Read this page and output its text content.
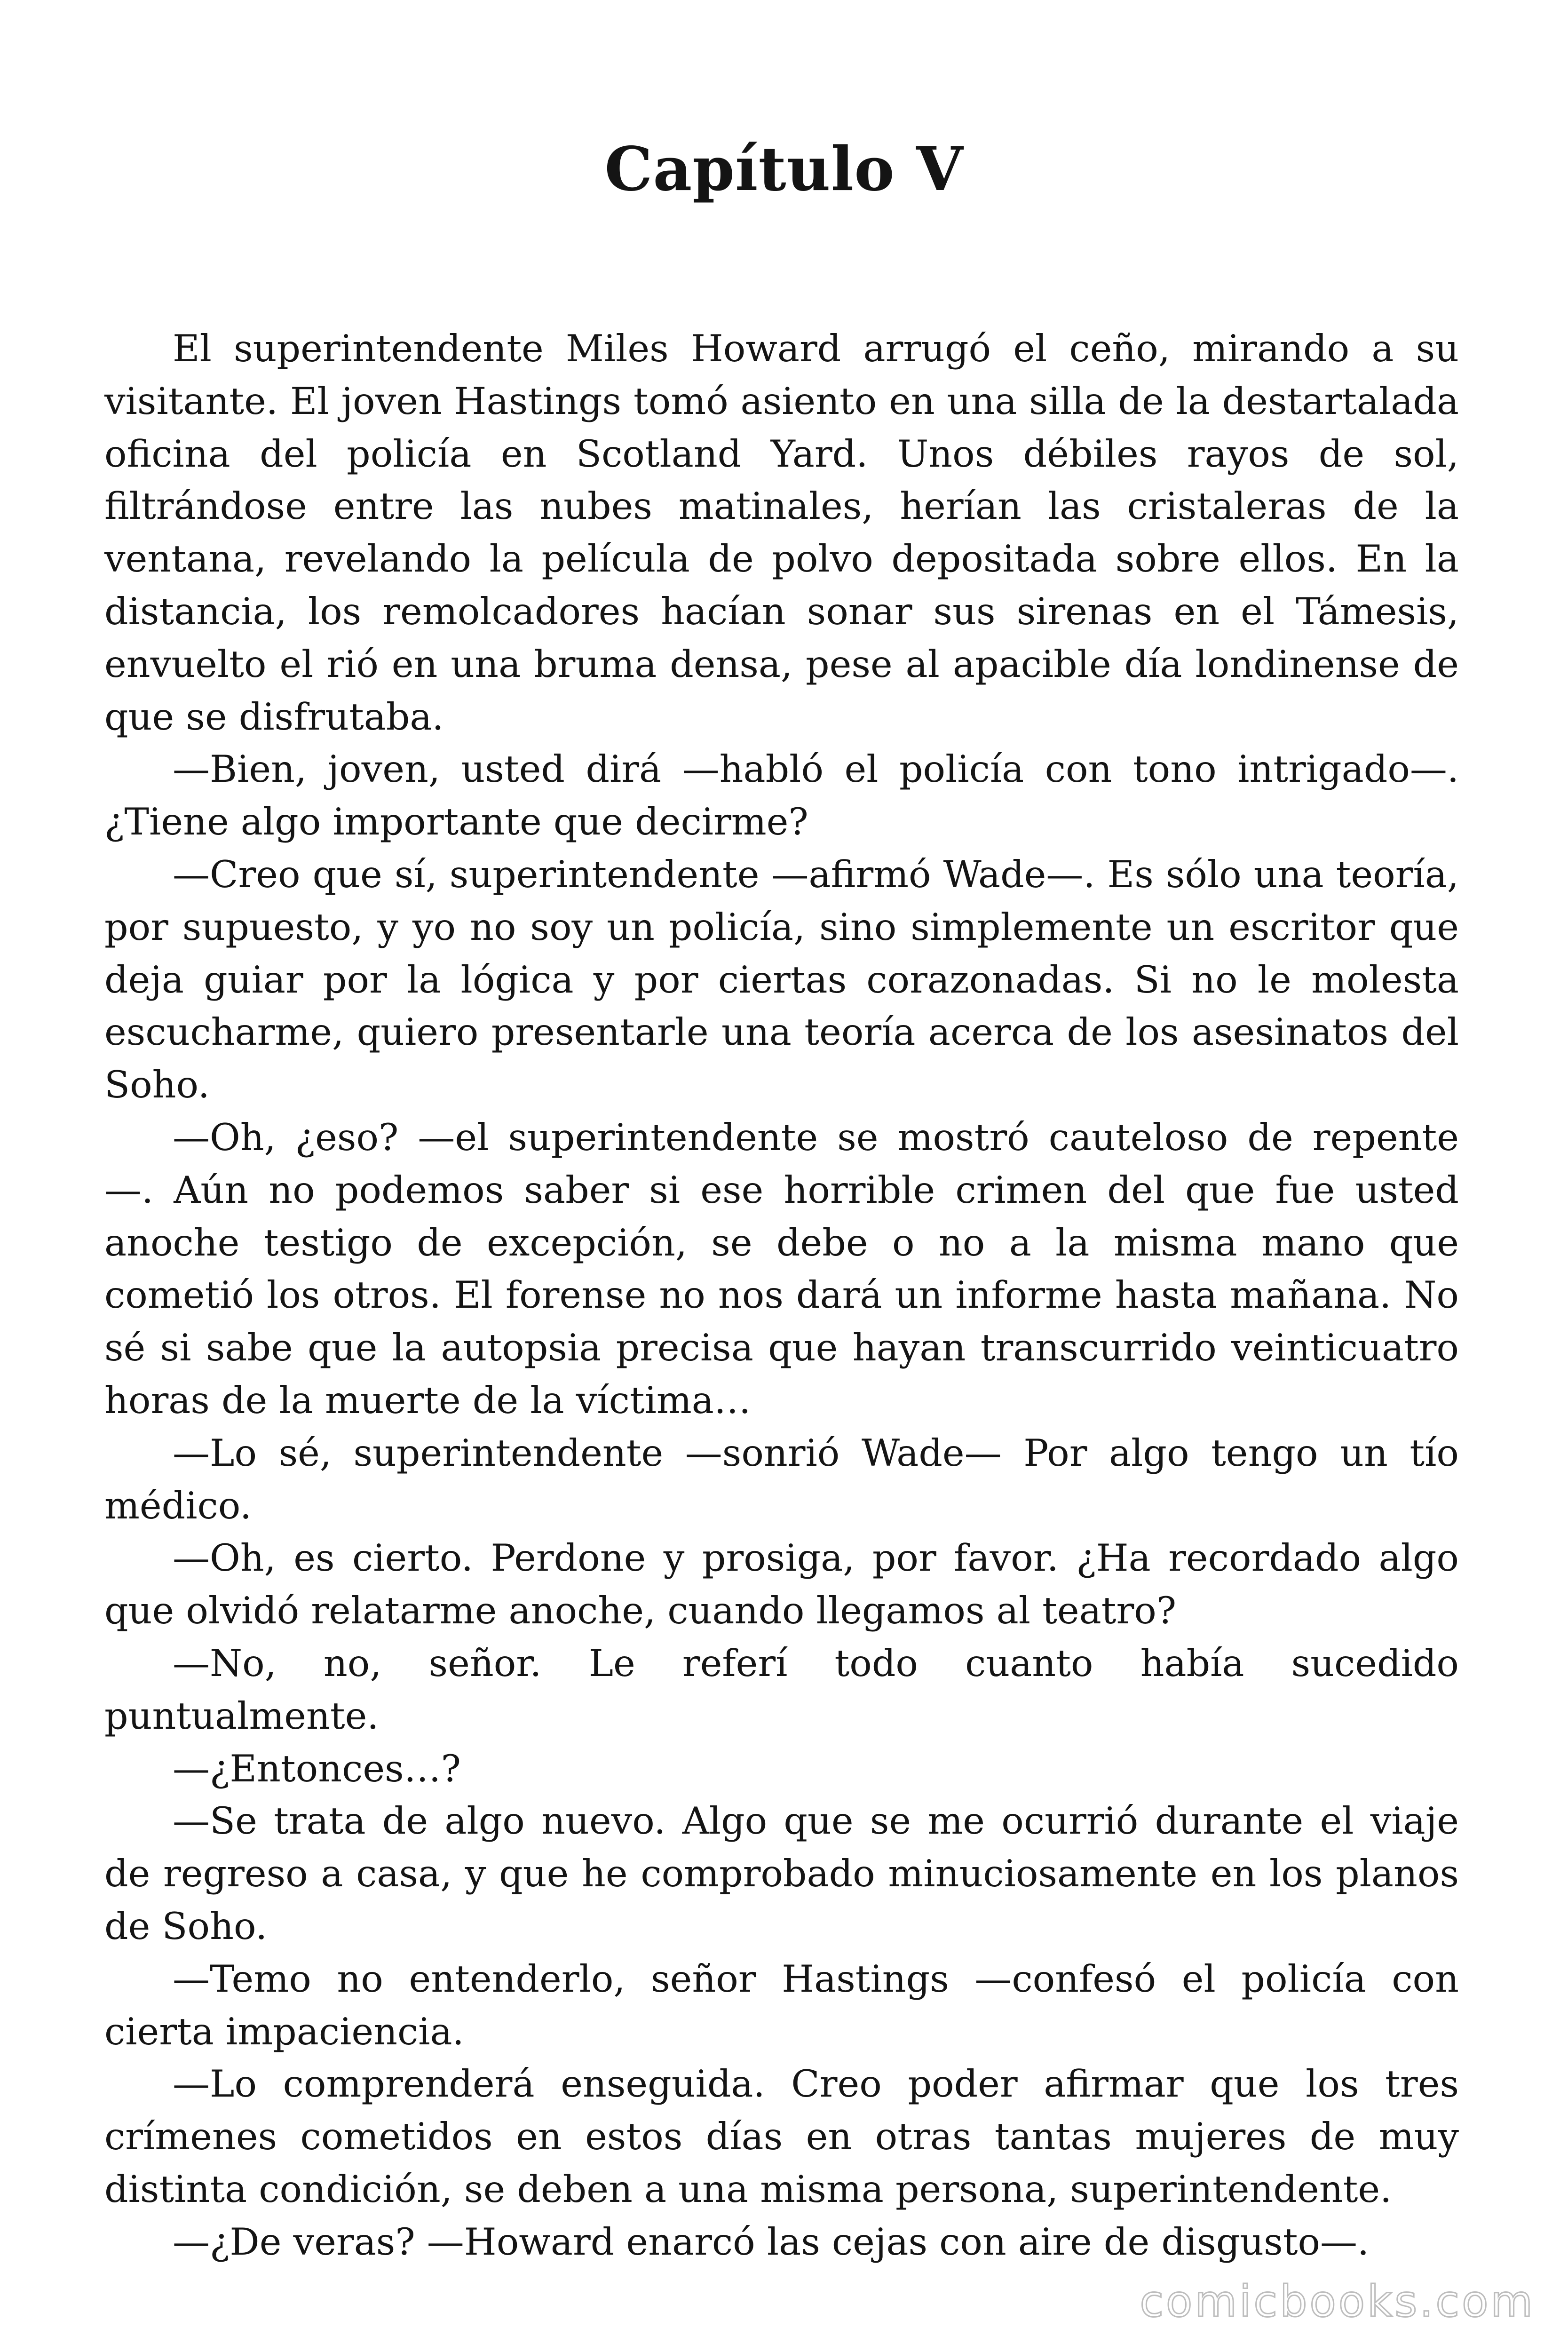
Capítulo V

El superintendente Miles Howard arrugó el ceño, mirando a su visitante. El joven Hastings tomó asiento en una silla de la destartalada oficina del policía en Scotland Yard. Unos débiles rayos de sol, filtrándose entre las nubes matinales, herían las cristaleras de la ventana, revelando la película de polvo depositada sobre ellos. En la distancia, los remolcadores hacían sonar sus sirenas en el Támesis, envuelto el rió en una bruma densa, pese al apacible día londinense de que se disfrutaba.

—Bien, joven, usted dirá —habló el policía con tono intrigado—. ¿Tiene algo importante que decirme?

—Creo que sí, superintendente —afirmó Wade—. Es sólo una teoría, por supuesto, y yo no soy un policía, sino simplemente un escritor que deja guiar por la lógica y por ciertas corazonadas. Si no le molesta escucharme, quiero presentarle una teoría acerca de los asesinatos del Soho.

—Oh, ¿eso? —el superintendente se mostró cauteloso de repente —. Aún no podemos saber si ese horrible crimen del que fue usted anoche testigo de excepción, se debe o no a la misma mano que cometió los otros. El forense no nos dará un informe hasta mañana. No sé si sabe que la autopsia precisa que hayan transcurrido veinticuatro horas de la muerte de la víctima…

—Lo sé, superintendente —sonrió Wade— Por algo tengo un tío médico.

—Oh, es cierto. Perdone y prosiga, por favor. ¿Ha recordado algo que olvidó relatarme anoche, cuando llegamos al teatro?

—No, no, señor. Le referí todo cuanto había sucedido puntualmente.

—¿Entonces…?

—Se trata de algo nuevo. Algo que se me ocurrió durante el viaje de regreso a casa, y que he comprobado minuciosamente en los planos de Soho.

—Temo no entenderlo, señor Hastings —confesó el policía con cierta impaciencia.

—Lo comprenderá enseguida. Creo poder afirmar que los tres crímenes cometidos en estos días en otras tantas mujeres de muy distinta condición, se deben a una misma persona, superintendente.

—¿De veras? —Howard enarcó las cejas con aire de disgusto—.

comicbooks.com
